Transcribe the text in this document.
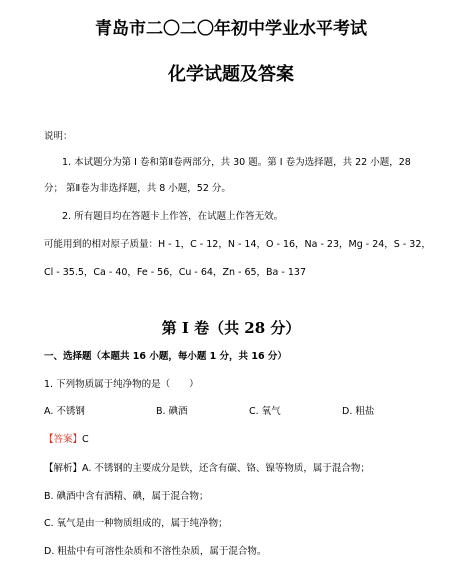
青岛市二〇二〇年初中学业水平考试
化学试题及答案
说明：
1. 本试题分为第 I 卷和第Ⅱ卷两部分，共 30 题。第 I 卷为选择题，共 22 小题，28
分； 第Ⅱ卷为非选择题，共 8 小题，52 分。
2. 所有题目均在答题卡上作答，在试题上作答无效。
可能用到的相对原子质量：H - 1，C - 12，N - 14，O - 16，Na - 23，Mg - 24，S - 32，
Cl - 35.5，Ca - 40，Fe - 56，Cu - 64，Zn - 65，Ba - 137
第 I 卷（共 28 分）
一、选择题（本题共 16 小题，每小题 1 分，共 16 分）
1. 下列物质属于纯净物的是（　　）
A. 不锈钢	B. 碘酒	C. 氧气	D. 粗盐
【答案】C
【解析】A. 不锈钢的主要成分是铁，还含有碳、铬、镍等物质，属于混合物；
B. 碘酒中含有酒精、碘，属于混合物；
C. 氧气是由一种物质组成的，属于纯净物；
D. 粗盐中有可溶性杂质和不溶性杂质，属于混合物。
